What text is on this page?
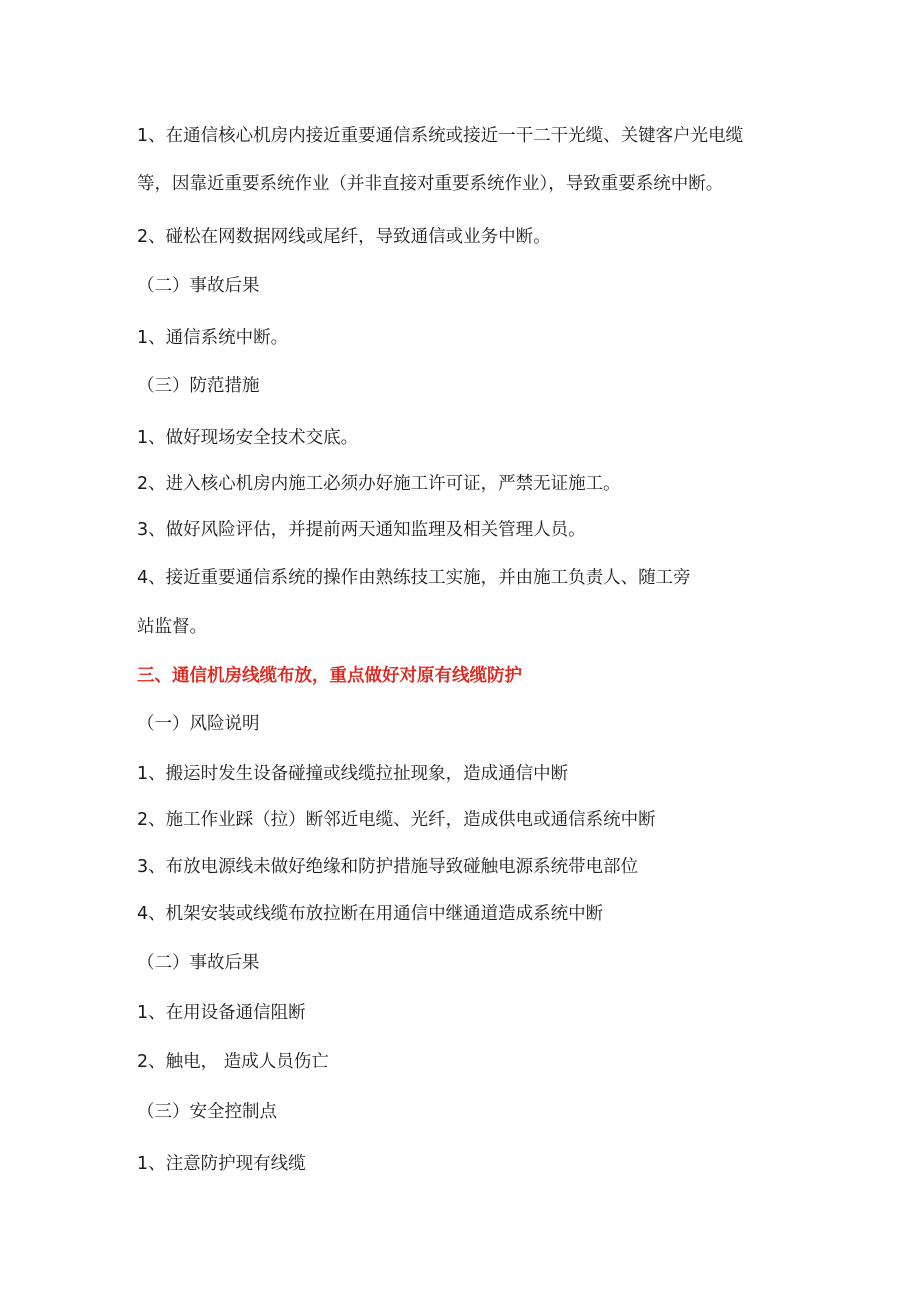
1、在通信核心机房内接近重要通信系统或接近一干二干光缆、关键客户光电缆
等，因靠近重要系统作业（并非直接对重要系统作业），导致重要系统中断。
2、碰松在网数据网线或尾纤，导致通信或业务中断。
（二）事故后果
1、通信系统中断。
（三）防范措施
1、做好现场安全技术交底。
2、进入核心机房内施工必须办好施工许可证，严禁无证施工。
3、做好风险评估，并提前两天通知监理及相关管理人员。
4、接近重要通信系统的操作由熟练技工实施，并由施工负责人、随工旁
站监督。
三、通信机房线缆布放，重点做好对原有线缆防护
（一）风险说明
1、搬运时发生设备碰撞或线缆拉扯现象，造成通信中断
2、施工作业踩（拉）断邻近电缆、光纤，造成供电或通信系统中断
3、布放电源线未做好绝缘和防护措施导致碰触电源系统带电部位
4、机架安装或线缆布放拉断在用通信中继通道造成系统中断
（二）事故后果
1、在用设备通信阻断
2、触电， 造成人员伤亡
（三）安全控制点
1、注意防护现有线缆
